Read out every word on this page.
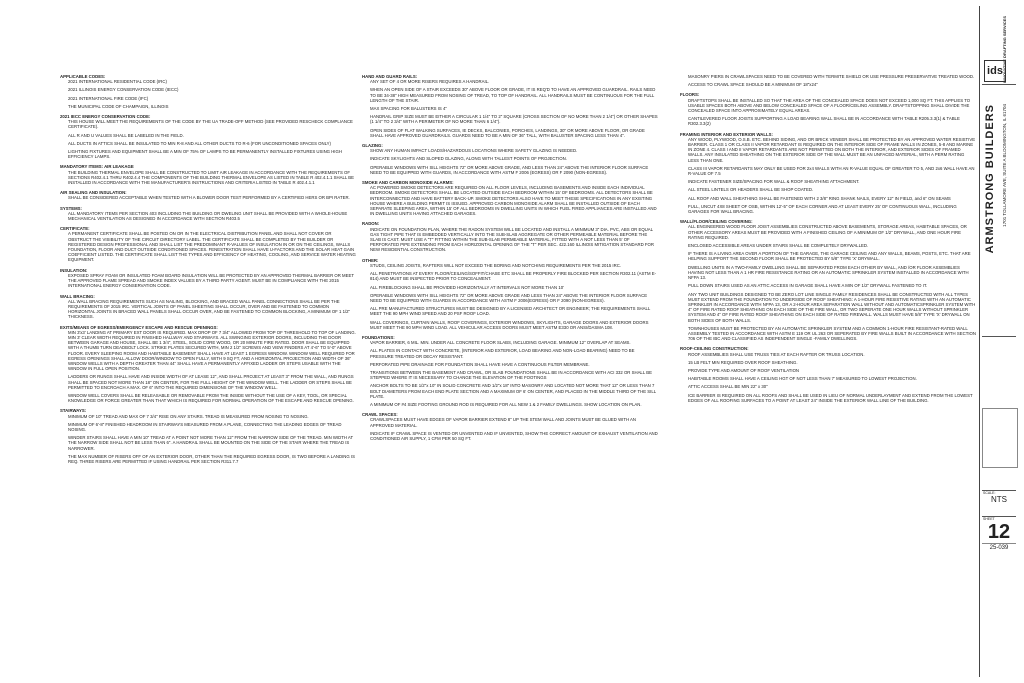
APPLICABLE CODES:

2021 INTERNATIONAL RESIDENTIAL CODE (IRC)

2021 ILLINOIS ENERGY CONSERVATION CODE (IECC)

2021 INTERNATIONAL FIRE CODE (IFC)

THE MUNICIPAL CODE OF CHAMPAIGN, ILLINOIS

2021 IECC ENERGY CONSERVATION CODE:

THIS HOUSE WILL MEET THE REQUIREMENTS OF THE CODE BY THE UA TRADE-OFF METHOD (SEE PROVIDED RESCHECK COMPLIANCE CERTIFICATE).

ALL R AND U VALUES SHALL BE LABELED IN THE FIELD.

ALL DUCTS IN ATTICS SHALL BE INSULATED TO MIN R-8 AND ALL OTHER DUCTS TO R-6 (FOR UNCONDITIONED SPACES ONLY)

LIGHTING FIXTURES AND EQUIPMENT SHALL BE A MIN OF 75% OF LAMPS TO BE PERMANENTLY INSTALLED FIXTURES USING HIGH EFFICIENCY LAMPS.

MANDATORY ITEMS: AIR LEAKAGE

THE BUILDING THERMAL ENVELOPE SHALL BE CONSTRUCTED TO LIMIT AIR LEAKAGE IN ACCORDANCE WITH THE REQUIREMENTS OF SECTIONS R402.4.1 THRU R402.4.4 THE COMPONENTS OF THE BUILDING THERMAL ENVELOPE AS LISTED IN TABLE R 402.4.1.1 SHALL BE INSTALLED IN ACCORDANCE WITH THE MANUFACTURER'S INSTRUCTIONS AND CRITERIA LISTED IN TABLE R 402.4.1.1

AIR SEALING AND INSULATION:

SHALL BE CONSIDERED ACCEPTABLE WHEN TESTED WITH A BLOWER DOOR TEST PERFORMED BY A CERTIFIED HERS OR BPI RATER.

SYSTEMS:

ALL MANDATORY ITEMS PER SECTION 403 INCLUDING THE BUILDING OR DWELING UNIT SHALL BE PROVIDED WITH A WHOLE-HOUSE MECHANICAL VENTILATION AS DESIGNED IN ACCORDANCE WITH SECTION R403.5

CERTIFICATE:

A PERMANENT CERTIFICATE SHALL BE POSTED ON OR IN THE ELECTRICAL DISTRIBUTION PANEL AND SHALL NOT COVER OR OBSTRUCT THE VISIBILITY OF THE CIRCUIT DIRECTORY LABEL. THE CERTIFICATE SHALL BE COMPLETED BY THE BUILDER OR REGISTERED DESIGN PROFESSIONAL AND SHALL LIST THE PREDOMINANT R-VALUES OF INSULATION IN OR ON THE CEILINGS, WALLS FOUNDATION, FLOOR AND DUCT OUTSIDE CONDITIONED SPACES. FENESTRATION SHALL HAVE U-FACTORS AND THE SOLAR HEAT GAIN COEFFICIENT LISTED. THE CERTIFICATE SHALL LIST THE TYPES AND EFFICIENCY OF HEATING, COOLING, AND SERVICE WATER HEATING EQUIPMENT.

INSULATION:

EXPOSED SPRAY FOAM OR INSULATED FOAM BOARD INSULATION WILL BE PROTECTED BY AN APPROVED THERMAL BARRIER OR MEET THE APPROVED FLAME SPREAD AND SMOKE INDEX VALUES BY A THIRD PARTY AGENT. MUST BE IN COMPLIANCE WITH THE 2015 INTERNATIONAL ENERGY CONSERVATION CODE.

WALL BRACING:

ALL WALL BRACING REQUIREMENTS SUCH AS NAILING, BLOCKING, AND BRACED WALL PANEL CONNECTIONS SHALL BE PER THE REQUIREMENTS OF 2015 IRC. VERTICAL JOINTS OF PANEL SHEETING SHALL OCCUR, OVER AND BE FASTENED TO COMMON HORIZONTAL JOINTS IN BRACED WALL PANELS SHALL OCCUR OVER, AND BE FASTENED TO COMMON BLOCKING, A MINIMUM OF 1 1/2" THICKNESS.

EXITS/MEANS OF EGRESS/EMERGENCY ESCAPE AND RESCUE OPENINGS:

MIN 3'x3' LANDING AT PRIMARY EXT DOOR IS REQUIRED. MAX DROP OF 7 3/4" ALLOWED FROM TOP OF THRESHOLD TO TOP OF LANDING. MIN 3' CLEAR WIDTH REQUIRED IN FINISHED HALLWAY AND STAIRWAYS. ALL SWINGING EXTERIOR DOORS, INCLUDING THE DOOR BETWEEN GARAGE AND HOUSE, SHALL BE 1 3/4", STEEL, SOLID CORE WOOD, OR 20 MINUTE FIRE RATED. DOOR SHALL BE EQUIPPED WITH A THUMB TURN DEADBOLT LOCK. STRIKE PLATES SECURED WITH, MIN 2 1/2" SCREWS AND VIEW FINDERS AT 4'-6" TO 5'-0" ABOVE FLOOR. EVERY SLEEPING ROOM AND HABITABLE BASEMENT SHALL HAVE AT LEAST 1 EGRESS WINDOW. WINDOW WELL REQUIRED FOR EGRESS OPENINGS SHALL ALLOW DOOR/WINDOW TO OPEN FULLY, WITH 9 SQ FT, AND A HORIZONTAL PROJECTION AND WIDTH OF 36" WINDOW WELLS WITH A DEPTH GREATER THAN 44" SHALL HAVE A PERMANENTLY AFFIXED LADDER OR STEPS USABLE WITH THE WINDOW IN FULL OPEN POSITION.

LADDERS OR RUNGS SHALL HAVE AND INSIDE WIDTH OF AT LEASE 12", AND SHALL PROJECT AT LEAST 3" FROM THE WALL, AND RUNGS SHALL BE SPACED NOT MORE THAN 18" ON CENTER, FOR THE FULL HEIGHT OF THE WINDOW WELL. THE LADDER OR STEPS SHALL BE PERMITTED TO ENCROACH A MAX. OF 6" INTO THE REQUIRED DIMENSIONS OF THE WINDOW WELL.

WINDOW WELL COVERS SHALL BE RELEASABLE OR REMOVABLE FROM THE INSIDE WITHOUT THE USE OF A KEY, TOOL, OR SPECIAL KNOWLEDGE OR FORCE GREATER THAN THAT WHICH IS REQUIRED FOR NORMAL OPERATION OF THE ESCAPE AND RESCUE OPENING.

STAIRWAYS:

MINIMUM OF 10" TREAD AND MAX OF 7 3/4" RISE ON ANY STAIRS. TREAD IS MEASURED FROM NOSING TO NOSING.

MINIMUM OF 6'-8" FINISHED HEADROOM IN STAIRWAYS MEASURED FROM A PLANE, CONNECTING THE LEADING EDGES OF TREAD NOSING.

WINDER STAIRS SHALL HAVE A MIN 10" TREAD AT A POINT NOT MORE THAN 12" FROM THE NARROW SIDE OF THE TREAD. MIN WIDTH AT THE NARROW SIDE SHALL NOT BE LESS THAN 6". A HANDRAIL SHALL BE MOUNTED ON THE SIDE OF THE STAIR WHERE THE TREAD IS NARROWER.

THE MAX NUMBER OF RISERS OFF OF AN EXTERIOR DOOR, OTHER THAN THE REQUIRED EGRESS DOOR, IS TWO BEFORE A LANDING IS REQ. THREE RISERS ARE PERMITTED IF USING HANDRAIL PER SECTION R311.7.7

HAND AND GUARD RAILS:

ANY SET OF 4 OR MORE RISERS REQUIRES A HANDRAIL.

WHEN AN OPEN SIDE OF A STAIR EXCEEDS 30" ABOVE FLOOR OR GRADE, IT IS REQ'D TO HAVE AN APPROVED GUARDRAIL. RAILS NEED TO BE 34-38" HIGH MEASURED FROM NOSING OF TREAD, TO TOP OF HANDRAIL. ALL HANDRAILS MUST BE CONTINUOUS FOR THE FULL LENGTH OF THE STAIR.

MAX SPACING FOR BALUSTERS IS 4"

HANDRAIL GRIP SIZE MUST BE EITHER A CIRCULAR 1 1/4" TO 2" SQUARE (CROSS SECTION OF NO MORE THAN 2 1/4") OR OTHER SHAPES (1 1/4" TO 2 3/4" WITH A PERIMETER OF NO MORE THAN 6 1/4").

OPEN SIDES OF FLAT WALKING SURFACES, IE DECKS, BALCONIES, PORCHES, LANDINGS, 30" OR MORE ABOVE FLOOR, OR GRADE SHALL HAVE APPROVED GUARDRAILS. GUARDS NEED TO BE A MIN OF 36" TALL, WITH BALUSTER SPACING LESS THAN 4".

GLAZING:

SHOW ANY HUMAN IMPACT LOADS/HAZARDOUS LOCATIONS WHERE SAFETY GLAZING IS NEEDED.

INDICATE SKYLIGHTS AND SLOPED GLAZING, ALONG WITH TALLEST POINTS OF PROJECTION.

OPERABLE WINDOWS WITH SILL HEIGHTS 72" OR MORE ABOVE GRADE, AND LESS THAN 24" ABOVE THE INTERIOR FLOOR SURFACE NEED TO BE EQUIPPED WITH GUARDS, IN ACCORDANCE WITH ASTM F 2006 (EGRESS) OR F 2090 (NON-EGRESS).

SMOKE AND CARBON MONOXIDE ALARMS:

AC POWERED SMOKE DETECTORS ARE REQUIRED ON ALL FLOOR LEVELS, INCLUDING BASEMENTS AND INSIDE EACH INDIVIDUAL BEDROOM. SMOKE DETECTORS SHALL BE LOCATED OUTSIDE EACH BEDROOM WITHIN 15' OF BEDROOMS. ALL DETECTORS SHALL BE INTERCONNECTED AND HAVE BATTERY BACK-UP. SMOKE DETECTORS ALSO HAVE TO MEET THESE SPECIFICATIONS IN ANY EXISTING HOUSE WHERE A BUILDING PERMIT IS ISSUED. APPROVED CARBON MONOXIDE ALARM SHALL BE INSTALLED OUTSIDE OF EACH SEPARATE SLEEPING AREA, WITHIN 15' OF ALL BEDROOMS IN DWELLING UNITS IN WHICH FUEL FIRED APPLIANCES ARE INSTALLED AND IN DWELLING UNITS HAVING ATTACHED GARAGES.

RADON:

INDICATE ON FOUNDATION PLAN, WHERE THE RADON SYSTEM WILL BE LOCATED AND INSTALL A MINIMUM 3" DIA. PVC, ABS OR EQUAL GAS TIGHT PIPE THAT IS EMBEDDED VERTICALLY INTO THE SUB-SLAB AGGREGATE OR OTHER PERMEABLE MATERIAL BEFORE THE SLAB IS CAST. MUST USE A "T" FITTING WITHIN THE SUB-SLAB PERMEABLE MATERIAL, FITTED WITH A NOT LESS THAN 5' OF PERFORATED PIPE EXTENDING FROM EACH HORIZONTAL OPENING OF THE "T" PER SEC. 422.160 ILLINOIS MITIGATION STANDARD FOR NEW RESIDENTIAL CONSTRUCTION.

OTHER:

STUDS, CEILING JOISTS, RAFTERS WILL NOT EXCEED THE BORING AND NOTCHING REQUIREMENTS PER THE 2015 IRC.

ALL PENETRATIONS AT EVERY FLOOR/CEILING/SOFFIT/CHASE ETC SHALL BE PROPERLY FIRE BLOCKED PER SECTION R302.11 (ASTM E-814) AND MUST BE INSPECTED PRIOR TO CONCEALMENT.

ALL FIREBLOCKING SHALL BE PROVIDED HORIZONTALLY AT INTERVALS NOT MORE THAN 10'

OPERABLE WINDOWS WITH SILL HEIGHTS 72" OR MORE ABOVE GRADE AND LESS THAN 24" ABOVE THE INTERIOR FLOOR SURFACE NEED TO BE EQUIPPED WITH GUARDS IN ACCORDANCE WITH ASTM F 2006(EGRESS) OR F 2090 (NON-EGRESS).

ALL PRE MANUFACTURED STRUCTURES MUST BE DESIGNED BY A LICENSED ARCHITECT OR ENGINEER; THE REQUIREMENTS SHALL MEET THE 90 MPH WIND SPEED AND 20 PSF ROOF LOAD.

WALL COVERINGS, CURTAIN WALLS, ROOF COVERINGS, EXTERIOR WINDOWS, SKYLIGHTS, GARAGE DOORS AND EXTERIOR DOORS MUST MEET THE 90 MPH WIND LOAD. ALL VEHICULAR ACCESS DOORS MUST MEET ASTM E330 OR ANSI/DASMA 108.

FOUNDATIONS:

VAPOR BARRIER, 6 MIL. MIN. UNDER ALL CONCRETE FLOOR SLABS, INCLUDING GARAGE. MINIMUM 12" OVERLAP AT SEAMS.

ALL PLATES IN CONTACT WITH CONCRETE, (INTERIOR AND EXTERIOR, LOAD BEARING AND NON-LOAD BEARING) NEED TO BE PRESSURE TREATED OR DECAY RESISTANT.

PERFORATED PIPE DRAINAGE FOR FOUNDATION SHALL HAVE HAVE A CONTINUOUS FILTER MEMBRANE.

TRANSITIONS BETWEEN THE BASEMENT AND CRAWL, OR SLAB FOUNDATIONS SHALL BE IN ACCORDANCE WITH ACI 332 OR SHALL BE STEPPED WHERE IT IS NECESSARY TO CHANGE THE ELEVATION OF THE FOOTINGS

ANCHOR BOLTS TO BE 1/2"x 10" IN SOLID CONCRETE AND 1/2"x 18" INTO MASONRY AND LOCATED NOT MORE THAT 12" OR LESS THAN 7 BOLT DIAMETERS FROM EACH END PLATE SECTION AND A MAXIMUM OF 6' ON CENTER, AND PLACED IN THE MIDDLE THIRD OF THE SILL PLATE.

A MINIMUM OF #4 SIZE FOOTING GROUND ROD IS REQUIRED FOR ALL NEW 1 & 2 FAMILY DWELLINGS. SHOW LOCATION ON PLAN.

CRAWL SPACES:

CRAWLSPACES MUST HAVE EDGES OF VAPOR BARRIER EXTEND 8" UP THE STEM WALL AND JOINTS MUST BE GLUED WITH AN APPROVED MATERIAL.

INDICATE IF CRAWL SPACE IS VENTED OR UNVENTED AND IF UNVENTED, SHOW THE CORRECT AMOUNT OF EXHAUST VENTILATION AND CONDITIONED AIR SUPPLY, 1 CFM PER 50 SQ FT.

MASONRY PIERS IN CRAWLSPACES NEED TO BE COVERED WITH TERMITE SHIELD OR USE PRESSURE PRESERVATIVE TREATED WOOD.

ACCESS TO CRAWL SPACE SHOULD BE A MINIMUM OF 18"x24"

FLOORS:

DRAFTSTOPS SHALL BE INSTALLED SO THAT THE AREA OF THE CONCEALED SPACE DOES NOT EXCEED 1,000 SQ FT. THIS APPLIES TO USABLE SPACES BOTH ABOVE AND BELOW CONCEALED SPACE OF A FLOOR/CEILING ASSEMBLY. DRAFTSTOPPING SHALL DIVIDE THE CONCEALED SPACE INTO APPROXIMATELY EQUAL AREAS.

CANTILEVERED FLOOR JOISTS SUPPORTING A LOAD BEARING WALL SHALL BE IN ACCORDANCE WITH TABLE R205.3.3(1) & TABLE R302.3.3(2)

FRAMING INTERIOR AND EXTERIOR WALLS:

ANY WOOD, PLYWOOD, O.S.B. ETC. BEHIND SIDING, AND OR BRICK VENEER SHALL BE PROTECTED BY AN APPROVED WATER RESISTIVE BARRIER. CLASS 1 OR CLASS II VAPOR RETARDANT IS REQUIRED ON THE INTERIOR SIDE OF FRAME WALLS IN ZONES, 5-8 AND MARINE IN ZONE 4. CLASS I AND II VAPOR RETARDANTS ARE NOT PERMITTED ON BOTH THE INTERIOR, AND EXTERIOR SIDES OF FRAMED WALLS. ANY INSULATED SHEATHING ON THE EXTERIOR SIDE OF THE WALL MUST BE AN UNFACED MATERIAL, WITH A PERM RATING LESS THAN ONE.

CLASS III VAPOR RETARDANTS MAY ONLY BE USED FOR 2x4 WALLS WITH AN R-VALUE EQUAL OF GREATER TO 5, AND 2x6 WALL HAVE AN R-VALUE OF 7.5

INDICATE FASTENER SIZE/SPACING FOR WALL & ROOF SHEATHING ATTACHMENT.

ALL STEEL LINTELS OR HEADERS SHALL BE SHOP COATED.

ALL ROOF AND WALL SHEATHING SHALL BE FASTENED WITH 2 3/8" RING SHANK NAILS, EVERY 12" IN FIELD, and 6" ON SEAMS

FULL, UNCUT 4X8 SHEET OF OSB, WITHIN 12'-5" OF EACH CORNER AND AT LEAST EVERY 25' OF CONTINUOUS WALL, INCLUDING GARAGES FOR WALL BRACING.

WALL/FLOOR/CEILING COVERING:

ALL ENGINEERED WOOD FLOOR JOIST ASSEMBLIES CONSTRUCTED ABOVE BASEMENTS, STORAGE AREAS, HABITABLE SPACES, OR OTHER ACCESSORY AREAS MUST BE PROVIDED WITH A FINISHED CEILING OF A MINIMUM OF 1/2" DRYWALL, AND ONE HOUR FIRE RATING REQUIRED.

ENCLOSED ACCESSIBLE AREAS UNDER STAIRS SHALL BE COMPLETELY DRYWALLED.

IF THERE IS A LIVING AREA OVER A PORTION OF THE GARAGE, THE GARAGE CEILING AND ANY WALLS, BEAMS, POSTS, ETC. THAT ARE HELPING SUPPORT THE SECOND FLOOR SHALL BE PROTECTED BY 5/8" TYPE 'X' DRYWALL.

DWELLING UNITS IN A TWO-FAMILY DWELLING SHALL BE SEPARATED FROM EACH OTHER BY WALL, AND /OR FLOOR ASSEMBLIES HAVING NOT LESS THAN A 1 HR FIRE RESISTANCE RATING OR AN AUTOMATIC SPRINKLER SYSTEM INSTALLED IN ACCORDANCE WITH NFPA 13.

PULL DOWN STAIRS USED AS AN ATTIC ACCESS IN GARAGE SHALL HAVE A MIN OF 1/2" DRYWALL FASTENED TO IT.

ANY TWO UNIT BUILDINGS DESIGNED TO BE ZERO LOT LINE SINGLE FAMILY RESIDENCES SHALL BE CONSTRUCTED WITH ALL TYPES MUST EXTEND FROM THE FOUNDATION TO UNDERSIDE OF ROOF SHEATHING: A 1-HOUR FIRE RESISTIVE RATING WITH AN AUTOMATIC SPRINKLER IN ACCORDANCE WITH NFPA 13, OR A 2-HOUR AREA SEPARATION WALL WITHOUT AND AUTOMATICSPRINKLER SYSTEM WITH 4" OF FIRE RATED ROOF SHEATHING ON EACH SIDE OF THE FIRE WALL, OR TWO SEPERATE ONE HOUR WALLS WITHOUT SPRINKLER SYSTEM AND 4" OF FIRE RATED ROOF SHEATHING ON EACH SIDE OF RATED FIREWALL. WALLS MUST HAVE 5/8" TYPE 'X' DRYWALL ON BOTH SIDES OF BOTH WALLS.

TOWNHOUSES MUST BE PROTECTED BY AN AUTOMATIC SPRINKLER SYSTEM AND A COMMON 1-HOUR FIRE RESISTANT-RATED WALL ASSEMBLY TESTED IN ACCORDANCE WITH ASTM E 119 OR UL 263 OR SEPERATED BY FIRE WALLS BUILT IN ACCORDANCE WITH SECTION 706 OF THE IBC AND CLASSIFIED AS INDEPENDENT SINGLE -FAMILY DWELLINGS.

ROOF-CEILING CONSTRUCTION:

ROOF ASSEMBLIES SHALL USE TRUSS TIES AT EACH RAFTER OR TRUSS LOCATION.

15 LB FELT MIN REQUIRED OVER ROOF SHEATHING.

PROVIDE TYPE AND AMOUNT OF ROOF VENTILATION

HABITABLE ROOMS SHALL HAVE A CEILING HGT OF NOT LESS THAN 7' MEASURED TO LOWEST PROJECTION.

ATTIC ACCESS SHALL BE MIN 22" x 30"

ICE BARRIER IS REQUIRED ON ALL ROOFS AND SHALL BE USED IN LIEU OF NORMAL UNDERLAYMENT AND EXTEND FROM THE LOWEST EDGES OF ALL ROOFING SURFACES TO A POINT AT LEAST 24" INSIDE THE EXTERIOR WALL LINE OF THE BUILDING.

INNOVATIVE DRAFTING SERVICES
ids
ARMSTRONG BUILDERS 1701 TOLLAMORE AVE, SUITE A BLOOMINGTON, IL 61704
SCALE:
NTS
SHEET
12
25-039
